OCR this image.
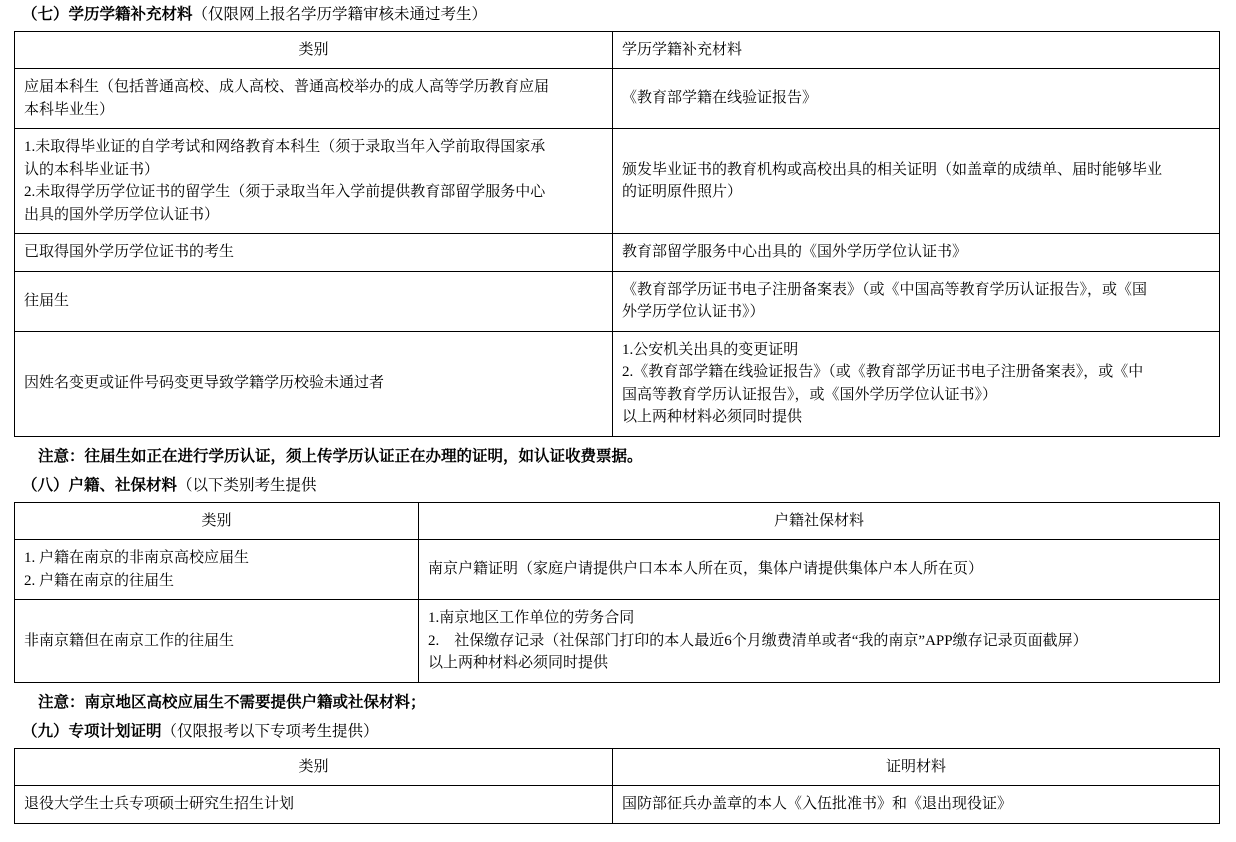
（七）学历学籍补充材料（仅限网上报名学历学籍审核未通过考生）
类别	学历学籍补充材料

应届本科生（包括普通高校、成人高校、普通高校举办的成人高等学历教育应届
本科毕业生）	《教育部学籍在线验证报告》

1.未取得毕业证的自学考试和网络教育本科生（须于录取当年入学前取得国家承
认的本科毕业证书）
2.未取得学历学位证书的留学生（须于录取当年入学前提供教育部留学服务中心
出具的国外学历学位认证书）	颁发毕业证书的教育机构或高校出具的相关证明（如盖章的成绩单、届时能够毕业
的证明原件照片）

已取得国外学历学位证书的考生	教育部留学服务中心出具的《国外学历学位认证书》

往届生	《教育部学历证书电子注册备案表》（或《中国高等教育学历认证报告》，或《国
外学历学位认证书》）

因姓名变更或证件号码变更导致学籍学历校验未通过者	1.公安机关出具的变更证明
2.《教育部学籍在线验证报告》（或《教育部学历证书电子注册备案表》，或《中
国高等教育学历认证报告》，或《国外学历学位认证书》）
以上两种材料必须同时提供
注意：往届生如正在进行学历认证，须上传学历认证正在办理的证明，如认证收费票据。
（八）户籍、社保材料（以下类别考生提供
类别	户籍社保材料

1. 户籍在南京的非南京高校应届生
2. 户籍在南京的往届生	南京户籍证明（家庭户请提供户口本本人所在页，集体户请提供集体户本人所在页）

非南京籍但在南京工作的往届生	1.南京地区工作单位的劳务合同
2.　社保缴存记录（社保部门打印的本人最近6个月缴费清单或者“我的南京”APP缴存记录页面截屏）
以上两种材料必须同时提供
注意：南京地区高校应届生不需要提供户籍或社保材料；
（九）专项计划证明（仅限报考以下专项考生提供）
类别	证明材料

退役大学生士兵专项硕士研究生招生计划	国防部征兵办盖章的本人《入伍批准书》和《退出现役证》
